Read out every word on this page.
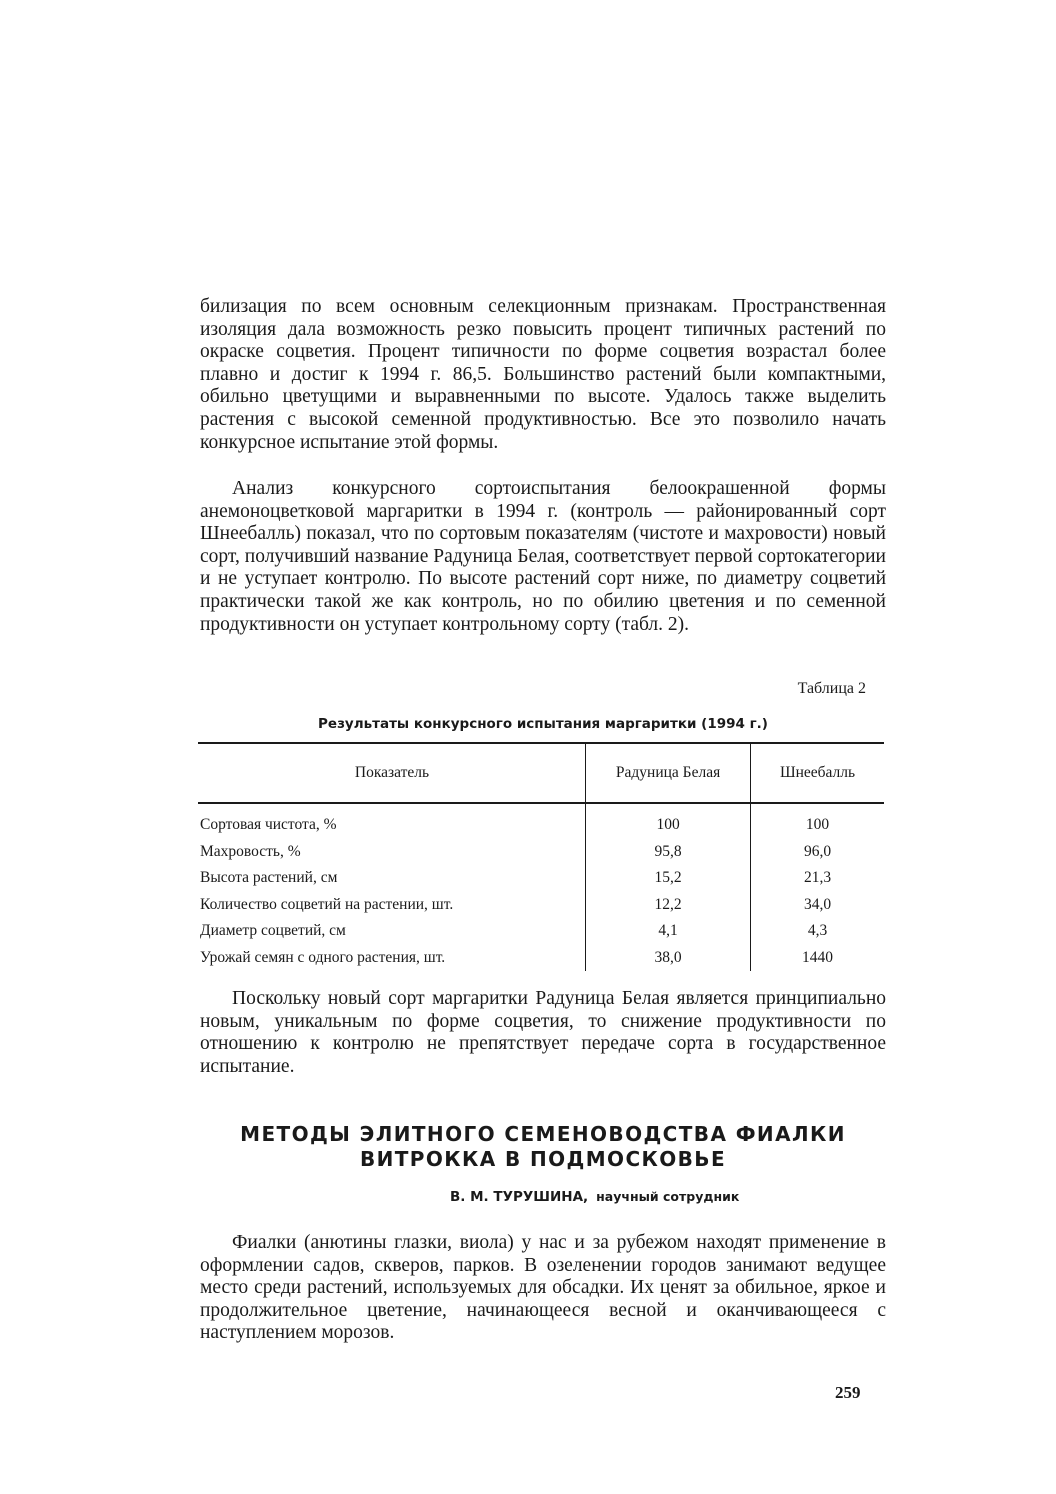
билизация по всем основным селекционным признакам. Пространственная изоляция дала возможность резко повысить процент типичных растений по окраске соцветия. Процент типичности по форме соцветия возрастал более плавно и достиг к 1994 г. 86,5. Большинство растений были компактными, обильно цветущими и выравненными по высоте. Удалось также выделить растения с высокой семенной продуктивностью. Все это позволило начать конкурсное испытание этой формы.

Анализ конкурсного сортоиспытания белоокрашенной формы анемоноцветковой маргаритки в 1994 г. (контроль — районированный сорт Шнеебалль) показал, что по сортовым показателям (чистоте и махровости) новый сорт, получивший название Радуница Белая, соответствует первой сортокатегории и не уступает контролю. По высоте растений сорт ниже, по диаметру соцветий практически такой же как контроль, но по обилию цветения и по семенной продуктивности он уступает контрольному сорту (табл. 2).

Таблица 2
Результаты конкурсного испытания маргаритки (1994 г.)
Показатель	Радуница Белая	Шнеебалль
Сортовая чистота, %	100	100
Махровость, %	95,8	96,0
Высота растений, см	15,2	21,3
Количество соцветий на растении, шт.	12,2	34,0
Диаметр соцветий, см	4,1	4,3
Урожай семян с одного растения, шт.	38,0	1440

Поскольку новый сорт маргаритки Радуница Белая является принципиально новым, уникальным по форме соцветия, то снижение продуктивности по отношению к контролю не препятствует передаче сорта в государственное испытание.

МЕТОДЫ ЭЛИТНОГО СЕМЕНОВОДСТВА ФИАЛКИ
ВИТРОККА В ПОДМОСКОВЬЕ
В. М. ТУРУШИНА, научный сотрудник

Фиалки (анютины глазки, виола) у нас и за рубежом находят применение в оформлении садов, скверов, парков. В озеленении городов занимают ведущее место среди растений, используемых для обсадки. Их ценят за обильное, яркое и продолжительное цветение, начинающееся весной и оканчивающееся с наступлением морозов.

259
